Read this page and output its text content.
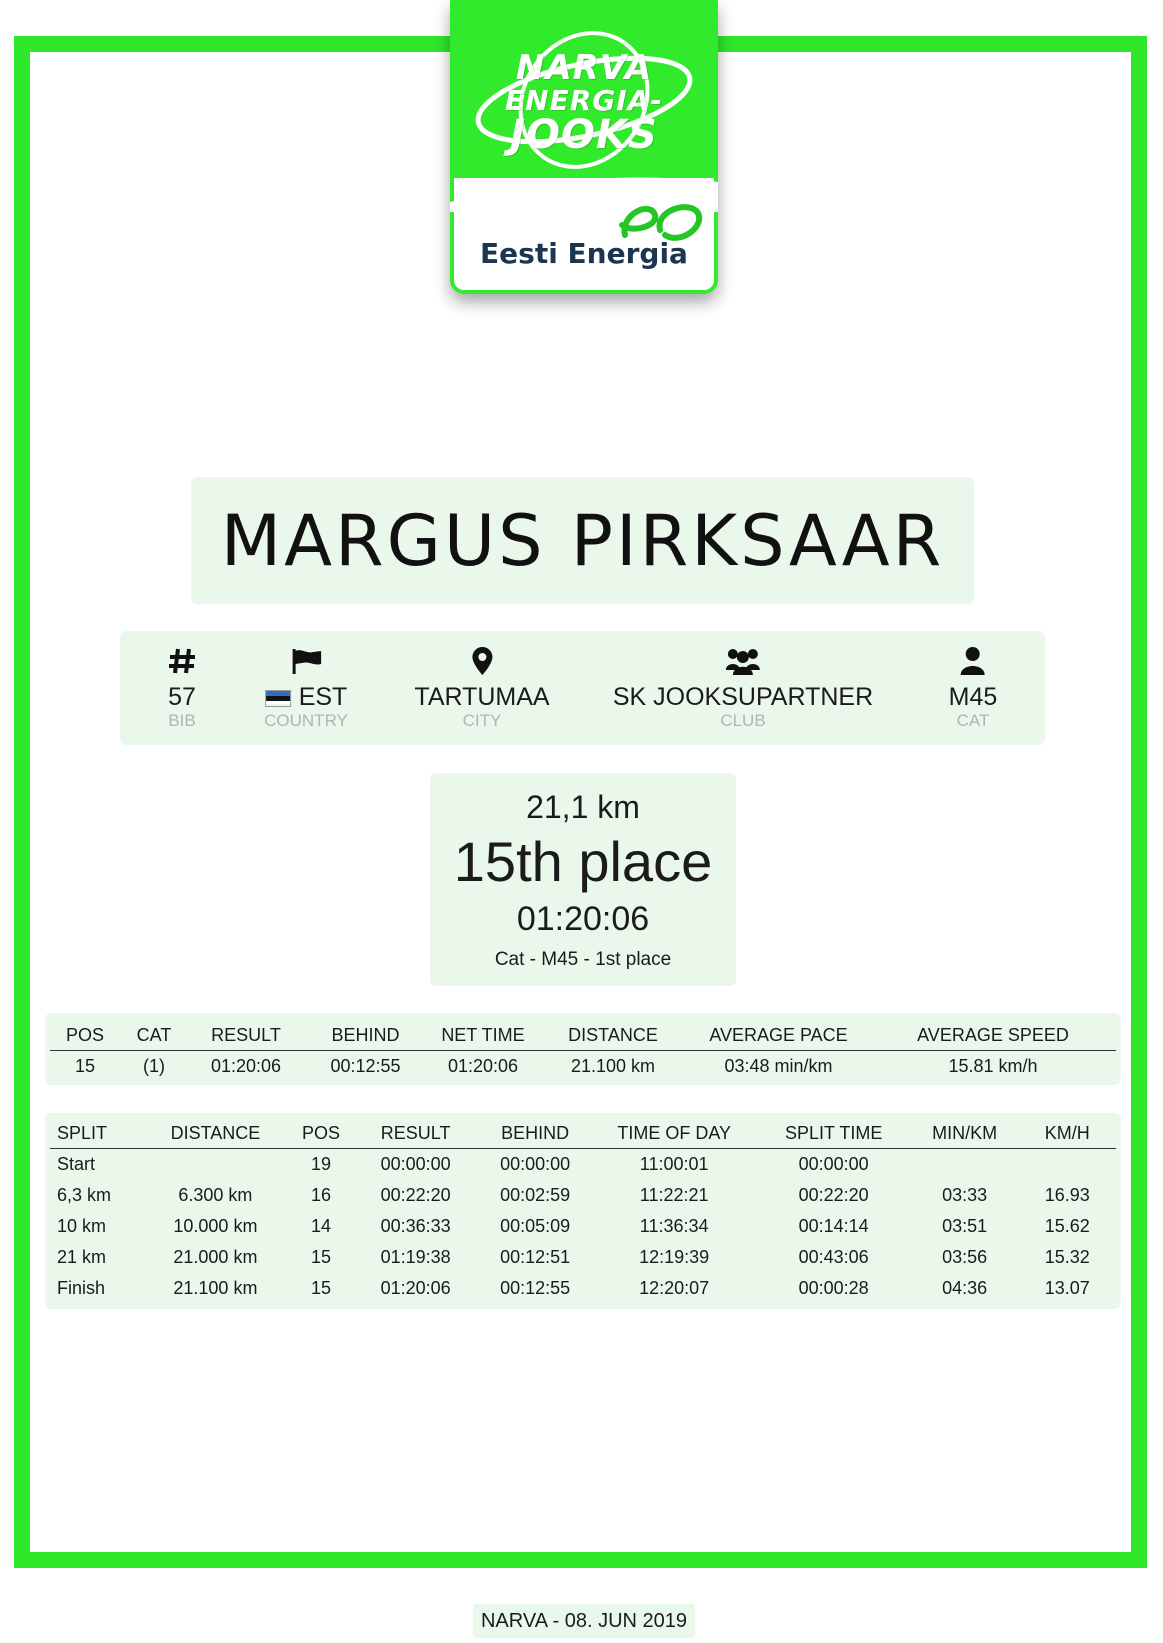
NARVA
ENERGIA-
JOOKS
Eesti Energia
MARGUS PIRKSAAR
57
BIB
EST
COUNTRY
TARTUMAA
CITY
SK JOOKSUPARTNER
CLUB
M45
CAT
21,1 km
15th place
01:20:06
Cat - M45 - 1st place
POS	CAT	RESULT	BEHIND	NET TIME	DISTANCE	AVERAGE PACE	AVERAGE SPEED
15	(1)	01:20:06	00:12:55	01:20:06	21.100 km	03:48 min/km	15.81 km/h
SPLIT	DISTANCE	POS	RESULT	BEHIND	TIME OF DAY	SPLIT TIME	MIN/KM	KM/H
Start		19	00:00:00	00:00:00	11:00:01	00:00:00		
6,3 km	6.300 km	16	00:22:20	00:02:59	11:22:21	00:22:20	03:33	16.93
10 km	10.000 km	14	00:36:33	00:05:09	11:36:34	00:14:14	03:51	15.62
21 km	21.000 km	15	01:19:38	00:12:51	12:19:39	00:43:06	03:56	15.32
Finish	21.100 km	15	01:20:06	00:12:55	12:20:07	00:00:28	04:36	13.07
NARVA - 08. JUN 2019
